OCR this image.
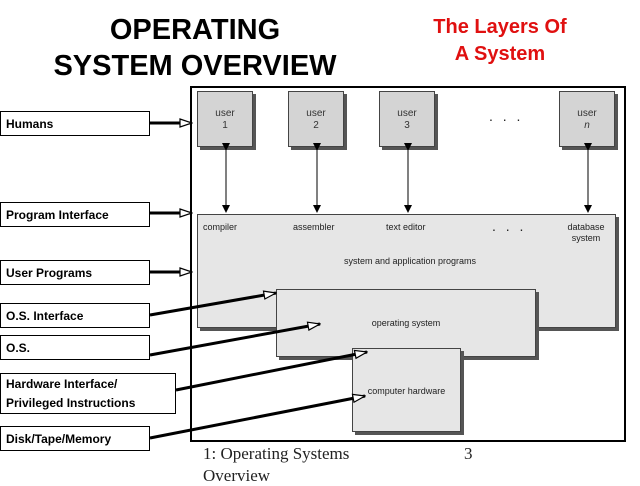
OPERATING
SYSTEM OVERVIEW
The Layers Of
A System
compiler	assembler	text editor	. . .	database
system
system and application programs
operating system
computer hardware
user
1
user
2
user
3
. . .	user
n
Humans
Program Interface
User Programs
O.S. Interface
O.S.
Hardware Interface/
Privileged Instructions
Disk/Tape/Memory
1: Operating Systems
Overview
3
